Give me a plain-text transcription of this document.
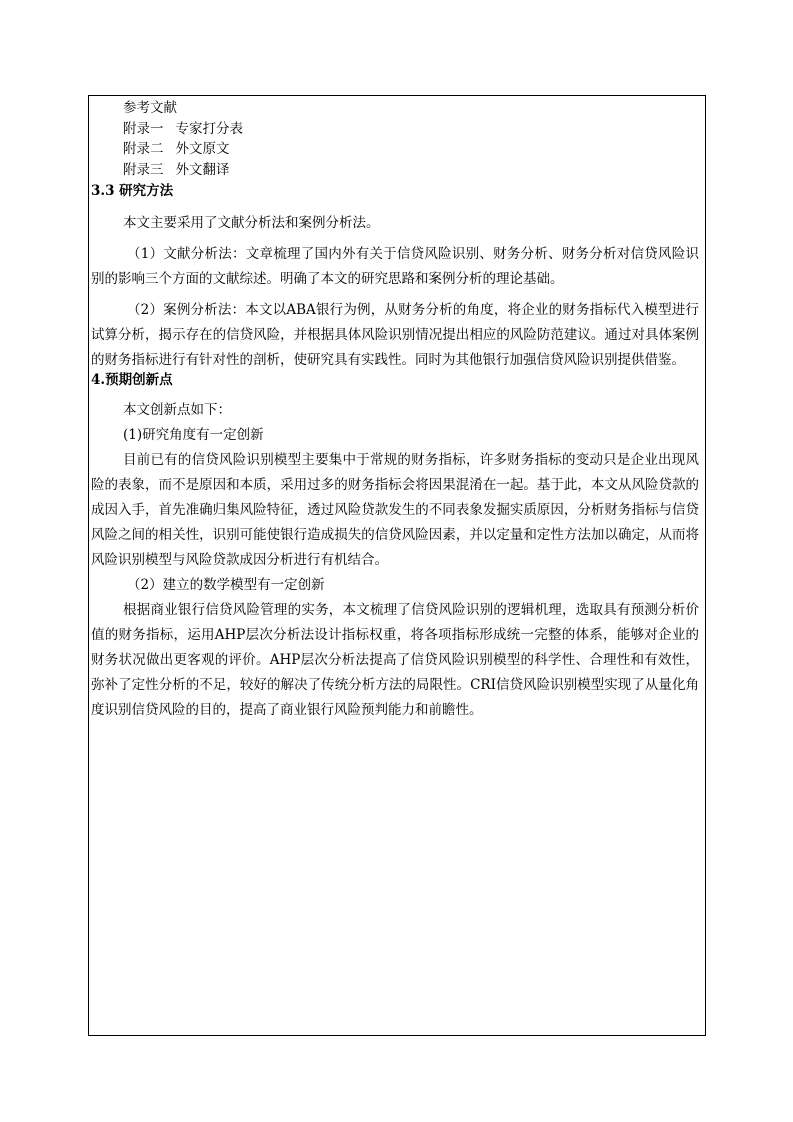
参考文献
附录一 专家打分表
附录二 外文原文
附录三 外文翻译
3.3 研究方法
本文主要采用了文献分析法和案例分析法。
（1）文献分析法：文章梳理了国内外有关于信贷风险识别、财务分析、财务分析对信贷风险识别的影响三个方面的文献综述。明确了本文的研究思路和案例分析的理论基础。
（2）案例分析法：本文以ABA银行为例，从财务分析的角度，将企业的财务指标代入模型进行试算分析，揭示存在的信贷风险，并根据具体风险识别情况提出相应的风险防范建议。通过对具体案例的财务指标进行有针对性的剖析，使研究具有实践性。同时为其他银行加强信贷风险识别提供借鉴。
4.预期创新点
本文创新点如下：
(1)研究角度有一定创新
目前已有的信贷风险识别模型主要集中于常规的财务指标，许多财务指标的变动只是企业出现风险的表象，而不是原因和本质，采用过多的财务指标会将因果混淆在一起。基于此，本文从风险贷款的成因入手，首先准确归集风险特征，透过风险贷款发生的不同表象发掘实质原因，分析财务指标与信贷风险之间的相关性，识别可能使银行造成损失的信贷风险因素，并以定量和定性方法加以确定，从而将风险识别模型与风险贷款成因分析进行有机结合。
（2）建立的数学模型有一定创新
根据商业银行信贷风险管理的实务，本文梳理了信贷风险识别的逻辑机理，选取具有预测分析价值的财务指标，运用AHP层次分析法设计指标权重，将各项指标形成统一完整的体系，能够对企业的财务状况做出更客观的评价。AHP层次分析法提高了信贷风险识别模型的科学性、合理性和有效性，弥补了定性分析的不足，较好的解决了传统分析方法的局限性。CRI信贷风险识别模型实现了从量化角度识别信贷风险的目的，提高了商业银行风险预判能力和前瞻性。
